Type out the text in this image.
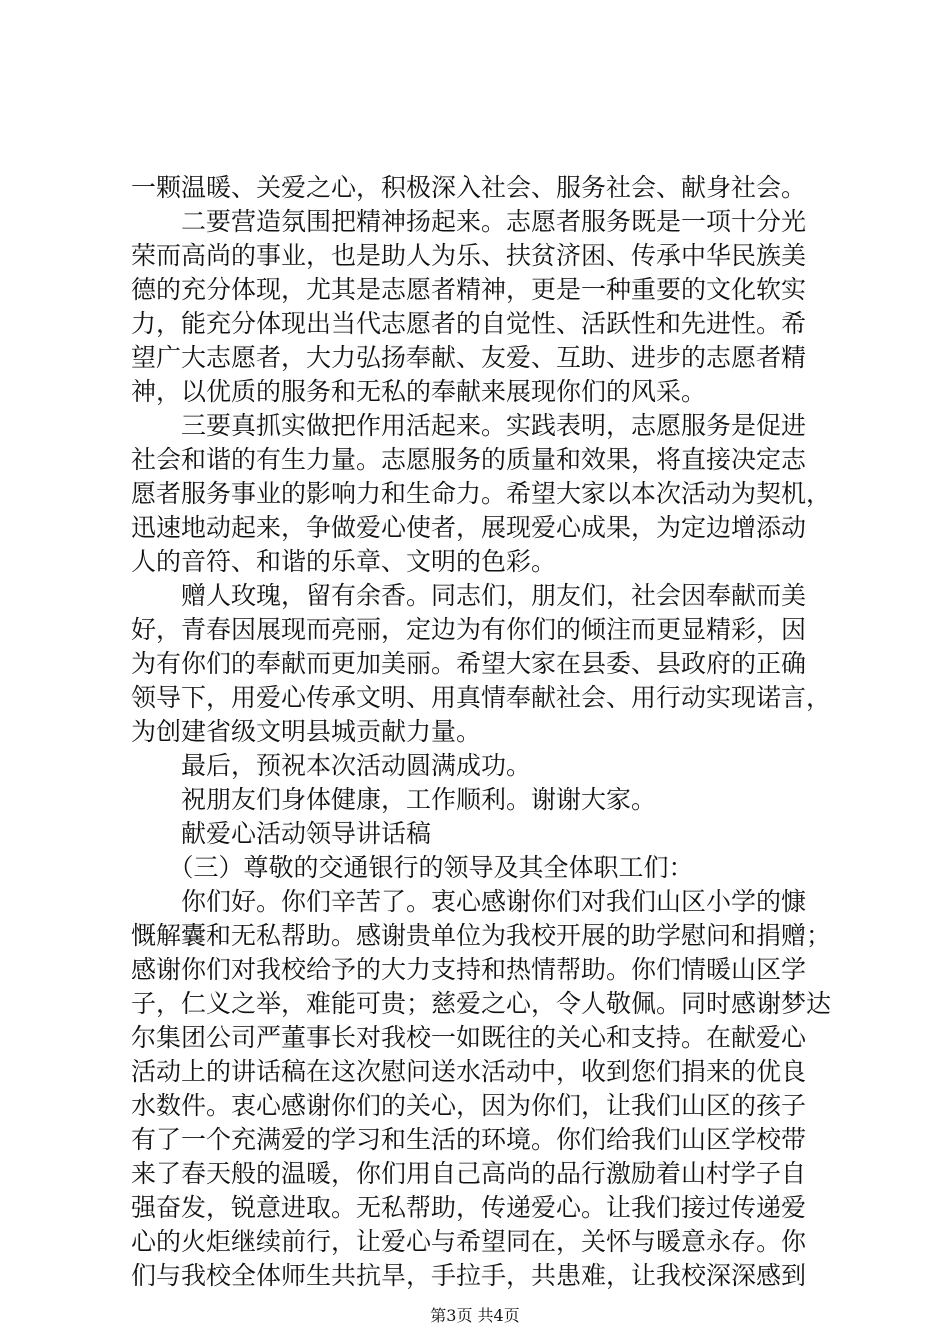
一颗温暖、关爱之心，积极深入社会、服务社会、献身社会。
　　二要营造氛围把精神扬起来。志愿者服务既是一项十分光
荣而高尚的事业，也是助人为乐、扶贫济困、传承中华民族美
德的充分体现，尤其是志愿者精神，更是一种重要的文化软实
力，能充分体现出当代志愿者的自觉性、活跃性和先进性。希
望广大志愿者，大力弘扬奉献、友爱、互助、进步的志愿者精
神，以优质的服务和无私的奉献来展现你们的风采。
　　三要真抓实做把作用活起来。实践表明，志愿服务是促进
社会和谐的有生力量。志愿服务的质量和效果，将直接决定志
愿者服务事业的影响力和生命力。希望大家以本次活动为契机，
迅速地动起来，争做爱心使者，展现爱心成果，为定边增添动
人的音符、和谐的乐章、文明的色彩。
　　赠人玫瑰，留有余香。同志们，朋友们，社会因奉献而美
好，青春因展现而亮丽，定边为有你们的倾注而更显精彩，因
为有你们的奉献而更加美丽。希望大家在县委、县政府的正确
领导下，用爱心传承文明、用真情奉献社会、用行动实现诺言，
为创建省级文明县城贡献力量。
　　最后，预祝本次活动圆满成功。
　　祝朋友们身体健康，工作顺利。谢谢大家。
　　献爱心活动领导讲话稿
　　（三）尊敬的交通银行的领导及其全体职工们：
　　你们好。你们辛苦了。衷心感谢你们对我们山区小学的慷
慨解囊和无私帮助。感谢贵单位为我校开展的助学慰问和捐赠；
感谢你们对我校给予的大力支持和热情帮助。你们情暖山区学
子，仁义之举，难能可贵；慈爱之心，令人敬佩。同时感谢梦达
尔集团公司严董事长对我校一如既往的关心和支持。在献爱心
活动上的讲话稿在这次慰问送水活动中，收到您们捐来的优良
水数件。衷心感谢你们的关心，因为你们，让我们山区的孩子
有了一个充满爱的学习和生活的环境。你们给我们山区学校带
来了春天般的温暖，你们用自己高尚的品行激励着山村学子自
强奋发，锐意进取。无私帮助，传递爱心。让我们接过传递爱
心的火炬继续前行，让爱心与希望同在，关怀与暖意永存。你
们与我校全体师生共抗旱，手拉手，共患难，让我校深深感到
第3页 共4页
